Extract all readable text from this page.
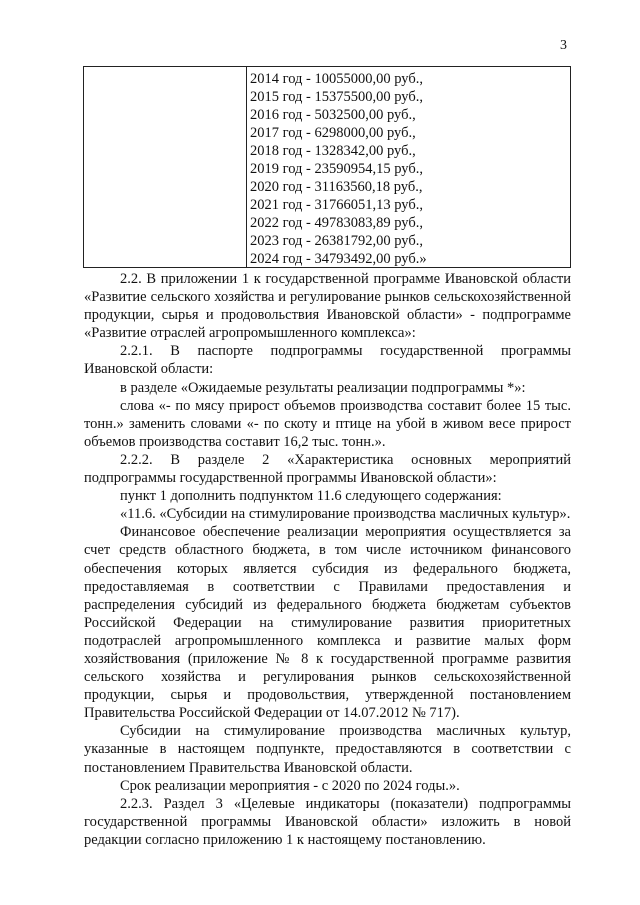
3
2014 год - 10055000,00 руб.,
2015 год - 15375500,00 руб.,
2016 год - 5032500,00 руб.,
2017 год - 6298000,00 руб.,
2018 год - 1328342,00 руб.,
2019 год - 23590954,15 руб.,
2020 год - 31163560,18 руб.,
2021 год - 31766051,13 руб.,
2022 год - 49783083,89 руб.,
2023 год - 26381792,00 руб.,
2024 год - 34793492,00 руб.»

2.2. В приложении 1 к государственной программе Ивановской области «Развитие сельского хозяйства и регулирование рынков сельскохозяйственной продукции, сырья и продовольствия Ивановской области» - подпрограмме «Развитие отраслей агропромышленного комплекса»:

2.2.1. В паспорте подпрограммы государственной программы Ивановской области:

в разделе «Ожидаемые результаты реализации подпрограммы *»:

слова «- по мясу прирост объемов производства составит более 15 тыс. тонн.» заменить словами «- по скоту и птице на убой в живом весе прирост объемов производства составит 16,2 тыс. тонн.».

2.2.2. В разделе 2 «Характеристика основных мероприятий подпрограммы государственной программы Ивановской области»:

пункт 1 дополнить подпунктом 11.6 следующего содержания:

«11.6. «Субсидии на стимулирование производства масличных культур».

Финансовое обеспечение реализации мероприятия осуществляется за счет средств областного бюджета, в том числе источником финансового обеспечения которых является субсидия из федерального бюджета, предоставляемая в соответствии с Правилами предоставления и распределения субсидий из федерального бюджета бюджетам субъектов Российской Федерации на стимулирование развития приоритетных подотраслей агропромышленного комплекса и развитие малых форм хозяйствования (приложение № 8 к государственной программе развития сельского хозяйства и регулирования рынков сельскохозяйственной продукции, сырья и продовольствия, утвержденной постановлением Правительства Российской Федерации от 14.07.2012 № 717).

Субсидии на стимулирование производства масличных культур, указанные в настоящем подпункте, предоставляются в соответствии с постановлением Правительства Ивановской области.

Срок реализации мероприятия - с 2020 по 2024 годы.».

2.2.3. Раздел 3 «Целевые индикаторы (показатели) подпрограммы государственной программы Ивановской области» изложить в новой редакции согласно приложению 1 к настоящему постановлению.
